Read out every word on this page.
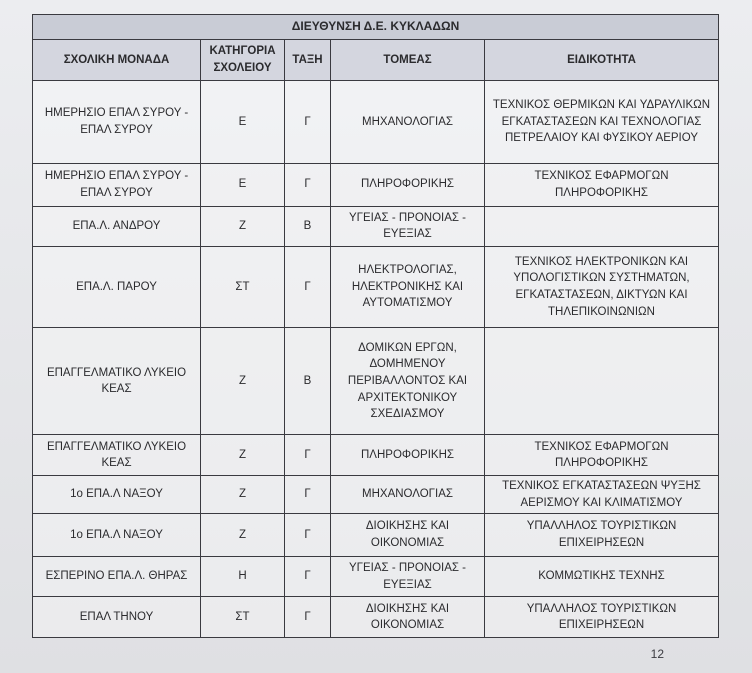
ΔΙΕΥΘΥΝΣΗ Δ.Ε. ΚΥΚΛΑΔΩΝ				
ΣΧΟΛΙΚΗ ΜΟΝΑΔΑ	ΚΑΤΗΓΟΡΙΑ ΣΧΟΛΕΙΟΥ	ΤΑΞΗ	ΤΟΜΕΑΣ	ΕΙΔΙΚΟΤΗΤΑ
ΗΜΕΡΗΣΙΟ ΕΠΑΛ ΣΥΡΟΥ - ΕΠΑΛ ΣΥΡΟΥ	Ε	Γ	ΜΗΧΑΝΟΛΟΓΙΑΣ	ΤΕΧΝΙΚΟΣ ΘΕΡΜΙΚΩΝ ΚΑΙ ΥΔΡΑΥΛΙΚΩΝ ΕΓΚΑΤΑΣΤΑΣΕΩΝ ΚΑΙ ΤΕΧΝΟΛΟΓΙΑΣ ΠΕΤΡΕΛΑΙΟΥ ΚΑΙ ΦΥΣΙΚΟΥ ΑΕΡΙΟΥ
ΗΜΕΡΗΣΙΟ ΕΠΑΛ ΣΥΡΟΥ - ΕΠΑΛ ΣΥΡΟΥ	Ε	Γ	ΠΛΗΡΟΦΟΡΙΚΗΣ	ΤΕΧΝΙΚΟΣ ΕΦΑΡΜΟΓΩΝ ΠΛΗΡΟΦΟΡΙΚΗΣ
ΕΠΑ.Λ. ΑΝΔΡΟΥ	Ζ	Β	ΥΓΕΙΑΣ - ΠΡΟΝΟΙΑΣ - ΕΥΕΞΙΑΣ	
ΕΠΑ.Λ. ΠΑΡΟΥ	ΣΤ	Γ	ΗΛΕΚΤΡΟΛΟΓΙΑΣ, ΗΛΕΚΤΡΟΝΙΚΗΣ ΚΑΙ ΑΥΤΟΜΑΤΙΣΜΟΥ	ΤΕΧΝΙΚΟΣ ΗΛΕΚΤΡΟΝΙΚΩΝ ΚΑΙ ΥΠΟΛΟΓΙΣΤΙΚΩΝ ΣΥΣΤΗΜΑΤΩΝ, ΕΓΚΑΤΑΣΤΑΣΕΩΝ, ΔΙΚΤΥΩΝ ΚΑΙ ΤΗΛΕΠΙΚΟΙΝΩΝΙΩΝ
ΕΠΑΓΓΕΛΜΑΤΙΚΟ ΛΥΚΕΙΟ ΚΕΑΣ	Ζ	Β	ΔΟΜΙΚΩΝ ΕΡΓΩΝ, ΔΟΜΗΜΕΝΟΥ ΠΕΡΙΒΑΛΛΟΝΤΟΣ ΚΑΙ ΑΡΧΙΤΕΚΤΟΝΙΚΟΥ ΣΧΕΔΙΑΣΜΟΥ	
ΕΠΑΓΓΕΛΜΑΤΙΚΟ ΛΥΚΕΙΟ ΚΕΑΣ	Ζ	Γ	ΠΛΗΡΟΦΟΡΙΚΗΣ	ΤΕΧΝΙΚΟΣ ΕΦΑΡΜΟΓΩΝ ΠΛΗΡΟΦΟΡΙΚΗΣ
1ο ΕΠΑ.Λ ΝΑΞΟΥ	Ζ	Γ	ΜΗΧΑΝΟΛΟΓΙΑΣ	ΤΕΧΝΙΚΟΣ ΕΓΚΑΤΑΣΤΑΣΕΩΝ ΨΥΞΗΣ ΑΕΡΙΣΜΟΥ ΚΑΙ ΚΛΙΜΑΤΙΣΜΟΥ
1ο ΕΠΑ.Λ ΝΑΞΟΥ	Ζ	Γ	ΔΙΟΙΚΗΣΗΣ ΚΑΙ ΟΙΚΟΝΟΜΙΑΣ	ΥΠΑΛΛΗΛΟΣ ΤΟΥΡΙΣΤΙΚΩΝ ΕΠΙΧΕΙΡΗΣΕΩΝ
ΕΣΠΕΡΙΝΟ ΕΠΑ.Λ. ΘΗΡΑΣ	Η	Γ	ΥΓΕΙΑΣ - ΠΡΟΝΟΙΑΣ - ΕΥΕΞΙΑΣ	ΚΟΜΜΩΤΙΚΗΣ ΤΕΧΝΗΣ
ΕΠΑΛ ΤΗΝΟΥ	ΣΤ	Γ	ΔΙΟΙΚΗΣΗΣ ΚΑΙ ΟΙΚΟΝΟΜΙΑΣ	ΥΠΑΛΛΗΛΟΣ ΤΟΥΡΙΣΤΙΚΩΝ ΕΠΙΧΕΙΡΗΣΕΩΝ
12
